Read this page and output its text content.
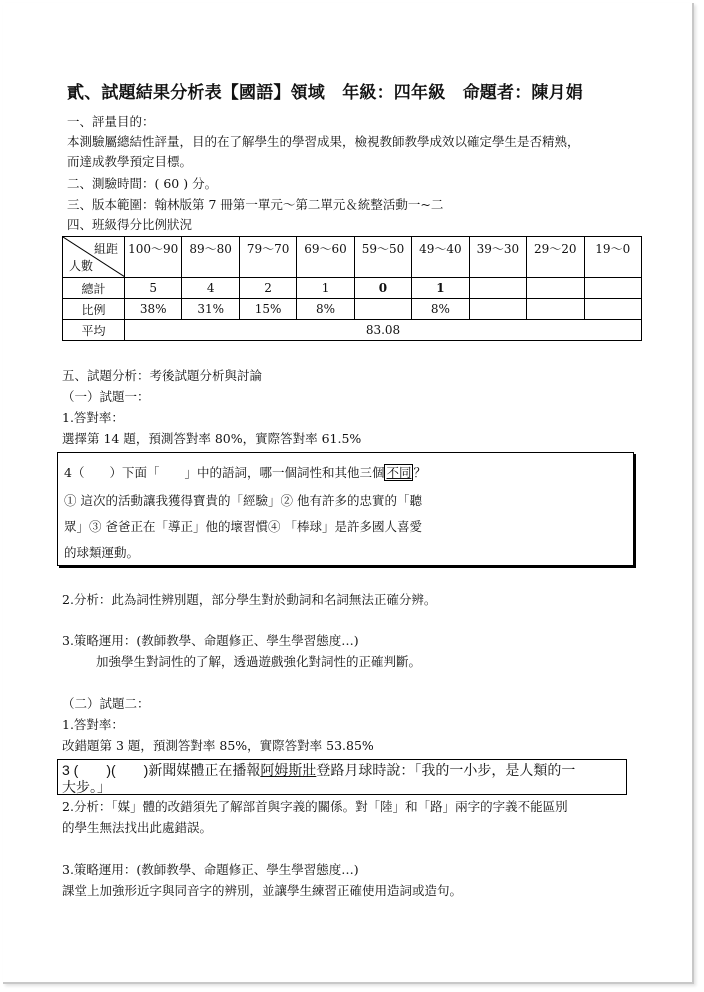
貳、試題結果分析表【國語】領域　年級：四年級　命題者：陳月娟
一、評量目的：
本測驗屬總結性評量，目的在了解學生的學習成果，檢視教師教學成效以確定學生是否精熟，
而達成教學預定目標。
二、測驗時間：( 60 ) 分。
三、版本範圍：翰林版第 7 冊第一單元～第二單元＆統整活動一~二
四、班級得分比例狀況
組距
人數	100～90	89～80	79～70	69～60	59～50	49～40	39～30	29～20	19～0
總計	5	4	2	1	0	1			
比例	38%	31%	15%	8%		8%			
平均	83.08								
五、試題分析：考後試題分析與討論
（一）試題一：
1.答對率：
選擇第 14 題，預測答對率 80%，實際答對率 61.5%
4（　　）下面「　　」中的語詞，哪一個詞性和其他三個 不同 ？
① 這次的活動讓我獲得寶貴的「經驗」② 他有許多的忠實的「聽
眾」③ 爸爸正在「導正」他的壞習慣④ 「棒球」是許多國人喜愛
的球類運動。
2.分析：此為詞性辨別題，部分學生對於動詞和名詞無法正確分辨。
3.策略運用：(教師教學、命題修正、學生學習態度…)
加強學生對詞性的了解，透過遊戲強化對詞性的正確判斷。
（二）試題二：
1.答對率：
改錯題第 3 題，預測答對率 85%，實際答對率 53.85%
3 (　　)(　　)新聞媒體正在播報阿姆斯壯登路月球時說：「我的一小步，是人類的一
大步。」
2.分析：「媒」體的改錯須先了解部首與字義的關係。對「陸」和「路」兩字的字義不能區別
的學生無法找出此處錯誤。
3.策略運用：(教師教學、命題修正、學生學習態度…)
課堂上加強形近字與同音字的辨別，並讓學生練習正確使用造詞或造句。
